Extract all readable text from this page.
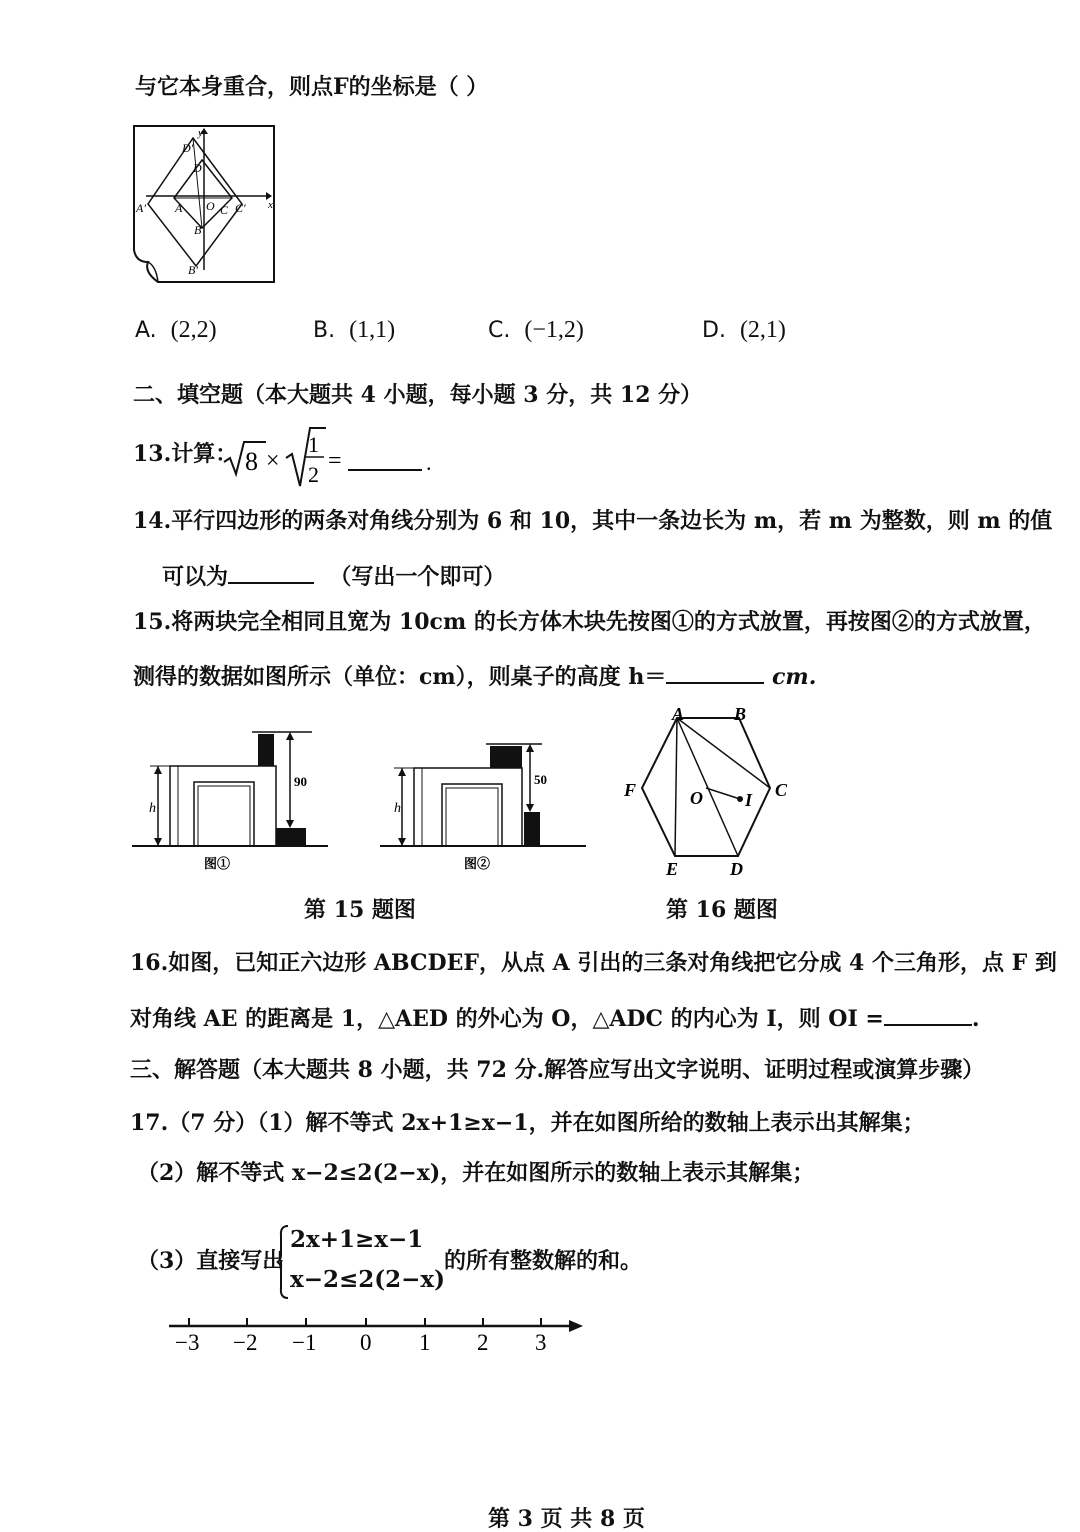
与它本身重合，则点F的坐标是（ ）
y
x
D′
D
A′ A O C C′
B
B′
A. (2,2)	B. (1,1)	C. (−1,2)	D. (2,1)
二、填空题（本大题共 4 小题，每小题 3 分，共 12 分）
13.计算： 8 ×
1
2
=	.
14.平行四边形的两条对角线分别为 6 和 10，其中一条边长为 m，若 m 为整数，则 m 的值
可以为	（写出一个即可）
15.将两块完全相同且宽为 10cm 的长方体木块先按图①的方式放置，再按图②的方式放置，
测得的数据如图所示（单位：cm），则桌子的高度 h＝	cm.
h
90
图①
h
50
图②
第 15 题图
A	B
C
D
E
F	O I
第 16 题图
16.如图，已知正六边形 ABCDEF，从点 A 引出的三条对角线把它分成 4 个三角形，点 F 到
对角线 AE 的距离是 1，△AED 的外心为 O，△ADC 的内心为 I，则 OI =	.
三、解答题（本大题共 8 小题，共 72 分.解答应写出文字说明、证明过程或演算步骤）
17.（7 分）（1）解不等式 2x+1≥x−1，并在如图所给的数轴上表示出其解集；
（2）解不等式 x−2≤2(2−x)，并在如图所示的数轴上表示其解集；
（3）直接写出
2x+1≥x−1
x−2≤2(2−x)
的所有整数解的和。
−3 −2 −1 0 1 2 3
第 3 页 共 8 页
